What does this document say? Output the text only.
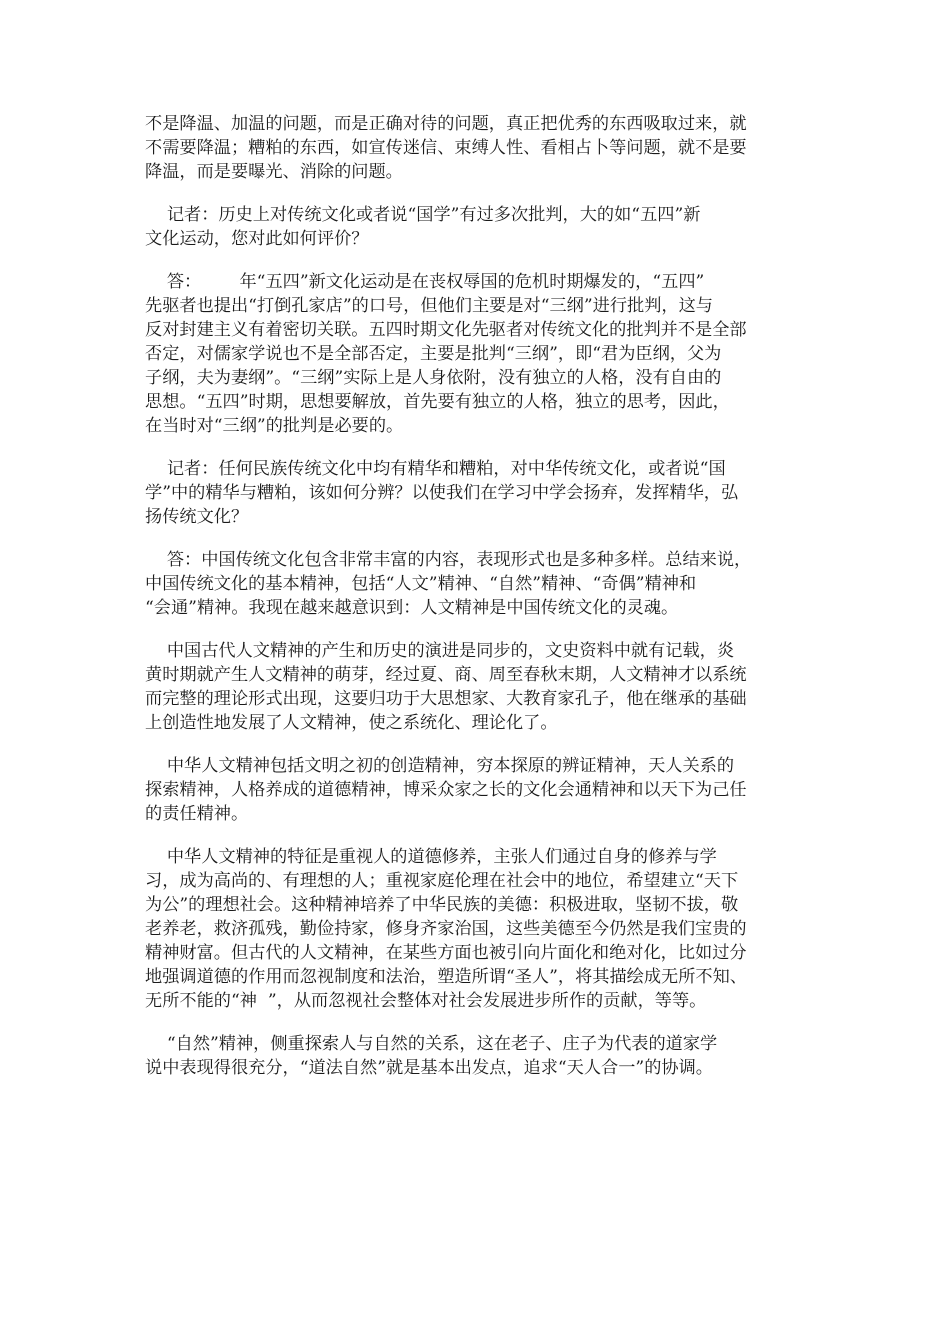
不是降温、加温的问题，而是正确对待的问题，真正把优秀的东西吸取过来，就
不需要降温；糟粕的东西，如宣传迷信、束缚人性、看相占卜等问题，就不是要
降温，而是要曝光、消除的问题。
记者：历史上对传统文化或者说“国学”有过多次批判，大的如“五四”新
文化运动，您对此如何评价？
答：       年“五四”新文化运动是在丧权辱国的危机时期爆发的，“五四”
先驱者也提出“打倒孔家店”的口号，但他们主要是对“三纲”进行批判，这与
反对封建主义有着密切关联。五四时期文化先驱者对传统文化的批判并不是全部
否定，对儒家学说也不是全部否定，主要是批判“三纲”，即“君为臣纲，父为
子纲，夫为妻纲”。“三纲”实际上是人身依附，没有独立的人格，没有自由的
思想。“五四”时期，思想要解放，首先要有独立的人格，独立的思考，因此，
在当时对“三纲”的批判是必要的。
记者：任何民族传统文化中均有精华和糟粕，对中华传统文化，或者说“国
学”中的精华与糟粕，该如何分辨？以使我们在学习中学会扬弃，发挥精华，弘
扬传统文化？
答：中国传统文化包含非常丰富的内容，表现形式也是多种多样。总结来说，
中国传统文化的基本精神，包括“人文”精神、“自然”精神、“奇偶”精神和
“会通”精神。我现在越来越意识到：人文精神是中国传统文化的灵魂。
中国古代人文精神的产生和历史的演进是同步的，文史资料中就有记载，炎
黄时期就产生人文精神的萌芽，经过夏、商、周至春秋末期，人文精神才以系统
而完整的理论形式出现，这要归功于大思想家、大教育家孔子，他在继承的基础
上创造性地发展了人文精神，使之系统化、理论化了。
中华人文精神包括文明之初的创造精神，穷本探原的辨证精神，天人关系的
探索精神，人格养成的道德精神，博采众家之长的文化会通精神和以天下为己任
的责任精神。
中华人文精神的特征是重视人的道德修养，主张人们通过自身的修养与学
习，成为高尚的、有理想的人；重视家庭伦理在社会中的地位，希望建立“天下
为公”的理想社会。这种精神培养了中华民族的美德：积极进取，坚韧不拔，敬
老养老，救济孤残，勤俭持家，修身齐家治国，这些美德至今仍然是我们宝贵的
精神财富。但古代的人文精神，在某些方面也被引向片面化和绝对化，比如过分
地强调道德的作用而忽视制度和法治，塑造所谓“圣人”，将其描绘成无所不知、
无所不能的“神  ”，从而忽视社会整体对社会发展进步所作的贡献，等等。
“自然”精神，侧重探索人与自然的关系，这在老子、庄子为代表的道家学
说中表现得很充分，“道法自然”就是基本出发点，追求“天人合一”的协调。
